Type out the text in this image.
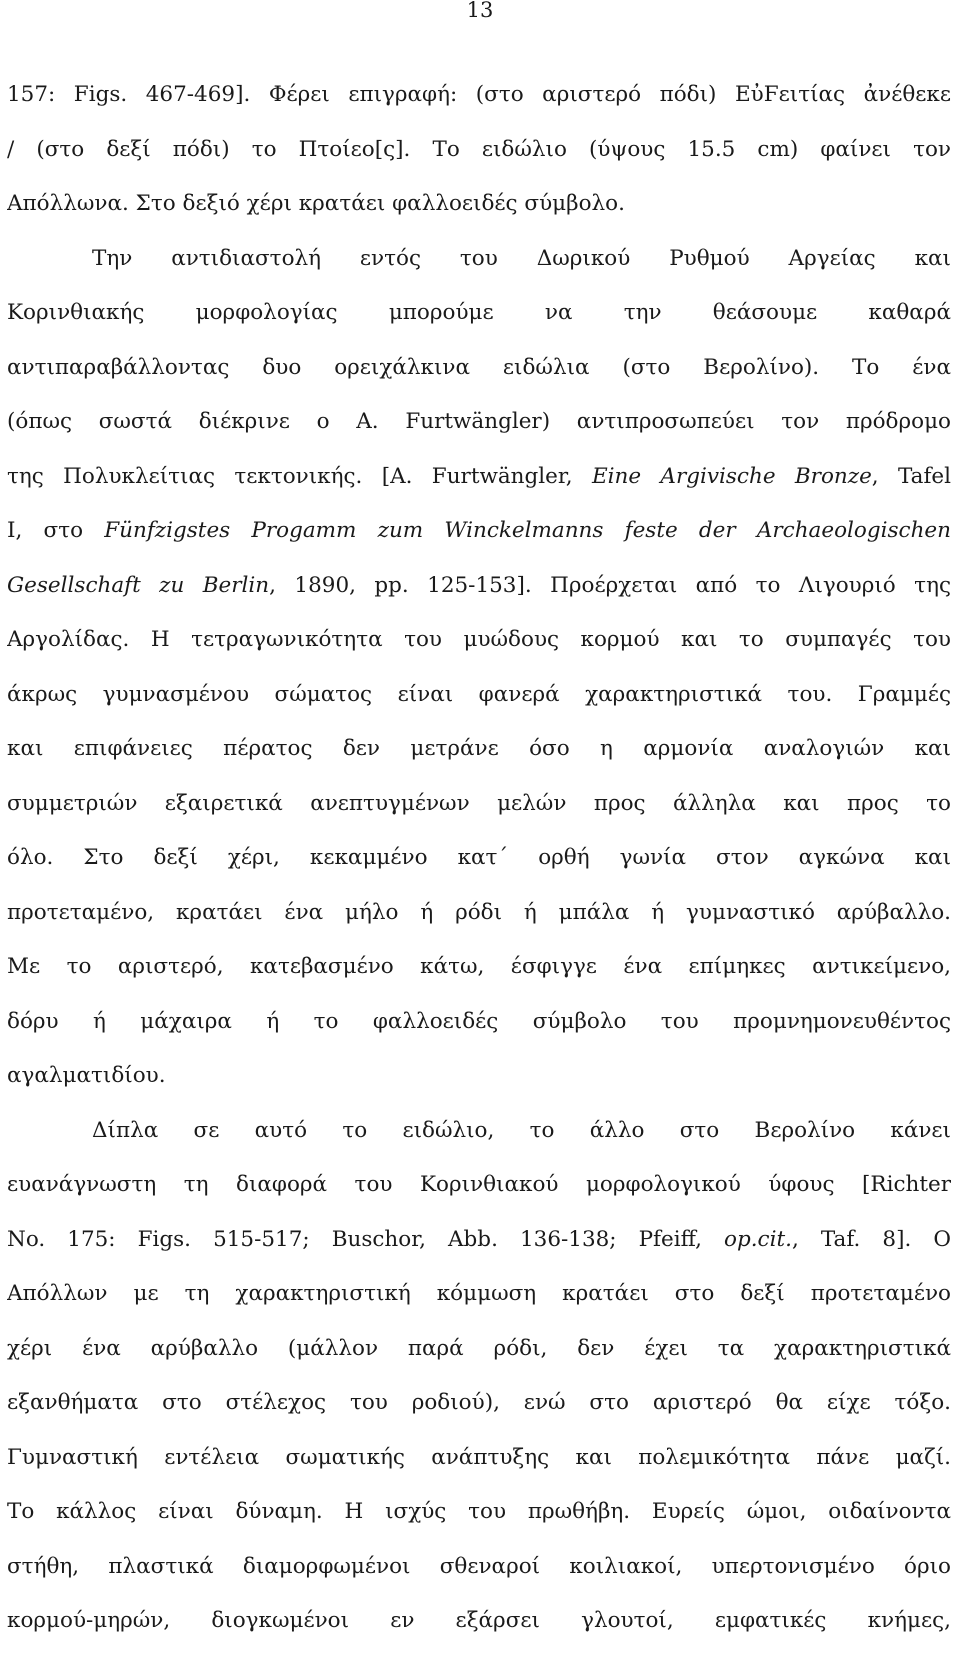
13
157: Figs. 467-469]. Φέρει επιγραφή: (στο αριστερό πόδι) ΕὐϜειτίας ἀνέθεκε
/ (στο δεξί πόδι) το Πτοίεο[ς]. Το ειδώλιο (ύψους 15.5 cm) φαίνει τον
Απόλλωνα. Στο δεξιό χέρι κρατάει φαλλοειδές σύμβολο.
Την αντιδιαστολή εντός του Δωρικού Ρυθμού Αργείας και
Κορινθιακής μορφολογίας μπορούμε να την θεάσουμε καθαρά
αντιπαραβάλλοντας δυο ορειχάλκινα ειδώλια (στο Βερολίνο). Το ένα
(όπως σωστά διέκρινε ο A. Furtwängler) αντιπροσωπεύει τον πρόδρομο
της Πολυκλείτιας τεκτονικής. [A. Furtwängler, Eine Argivische Bronze, Tafel
I, στο Fünfzigstes Progamm zum Winckelmanns feste der Archaeologischen
Gesellschaft zu Berlin, 1890, pp. 125-153]. Προέρχεται από το Λιγουριό της
Αργολίδας. Η τετραγωνικότητα του μυώδους κορμού και το συμπαγές του
άκρως γυμνασμένου σώματος είναι φανερά χαρακτηριστικά του. Γραμμές
και επιφάνειες πέρατος δεν μετράνε όσο η αρμονία αναλογιών και
συμμετριών εξαιρετικά ανεπτυγμένων μελών προς άλληλα και προς το
όλο. Στο δεξί χέρι, κεκαμμένο κατ΄ ορθή γωνία στον αγκώνα και
προτεταμένο, κρατάει ένα μήλο ή ρόδι ή μπάλα ή γυμναστικό αρύβαλλο.
Με το αριστερό, κατεβασμένο κάτω, έσφιγγε ένα επίμηκες αντικείμενο,
δόρυ ή μάχαιρα ή το φαλλοειδές σύμβολο του προμνημονευθέντος
αγαλματιδίου.
Δίπλα σε αυτό το ειδώλιο, το άλλο στο Βερολίνο κάνει
ευανάγνωστη τη διαφορά του Κορινθιακού μορφολογικού ύφους [Richter
No. 175: Figs. 515-517; Buschor, Abb. 136-138; Pfeiff, op.cit., Taf. 8]. Ο
Απόλλων με τη χαρακτηριστική κόμμωση κρατάει στο δεξί προτεταμένο
χέρι ένα αρύβαλλο (μάλλον παρά ρόδι, δεν έχει τα χαρακτηριστικά
εξανθήματα στο στέλεχος του ροδιού), ενώ στο αριστερό θα είχε τόξο.
Γυμναστική εντέλεια σωματικής ανάπτυξης και πολεμικότητα πάνε μαζί.
Το κάλλος είναι δύναμη. Η ισχύς του πρωθήβη. Ευρείς ώμοι, οιδαίνοντα
στήθη, πλαστικά διαμορφωμένοι σθεναροί κοιλιακοί, υπερτονισμένο όριο
κορμού-μηρών, διογκωμένοι εν εξάρσει γλουτοί, εμφατικές κνήμες,
